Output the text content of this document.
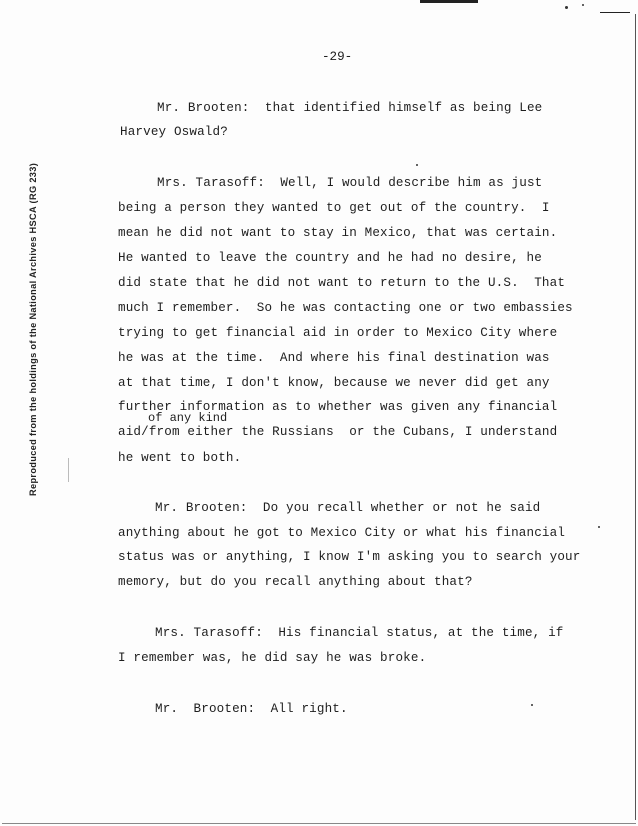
Reproduced from the holdings of the National Archives HSCA (RG 233)
-29-
Mr. Brooten:  that identified himself as being Lee
Harvey Oswald?
Mrs. Tarasoff:  Well, I would describe him as just
being a person they wanted to get out of the country.  I
mean he did not want to stay in Mexico, that was certain.
He wanted to leave the country and he had no desire, he
did state that he did not want to return to the U.S.  That
much I remember.  So he was contacting one or two embassies
trying to get financial aid in order to Mexico City where
he was at the time.  And where his final destination was
at that time, I don't know, because we never did get any
further information as to whether was given any financial
of any kind
aid/from either the Russians  or the Cubans, I understand
he went to both.
Mr. Brooten:  Do you recall whether or not he said
anything about he got to Mexico City or what his financial
status was or anything, I know I'm asking you to search your
memory, but do you recall anything about that?
Mrs. Tarasoff:  His financial status, at the time, if
I remember was, he did say he was broke.
Mr.  Brooten:  All right.
